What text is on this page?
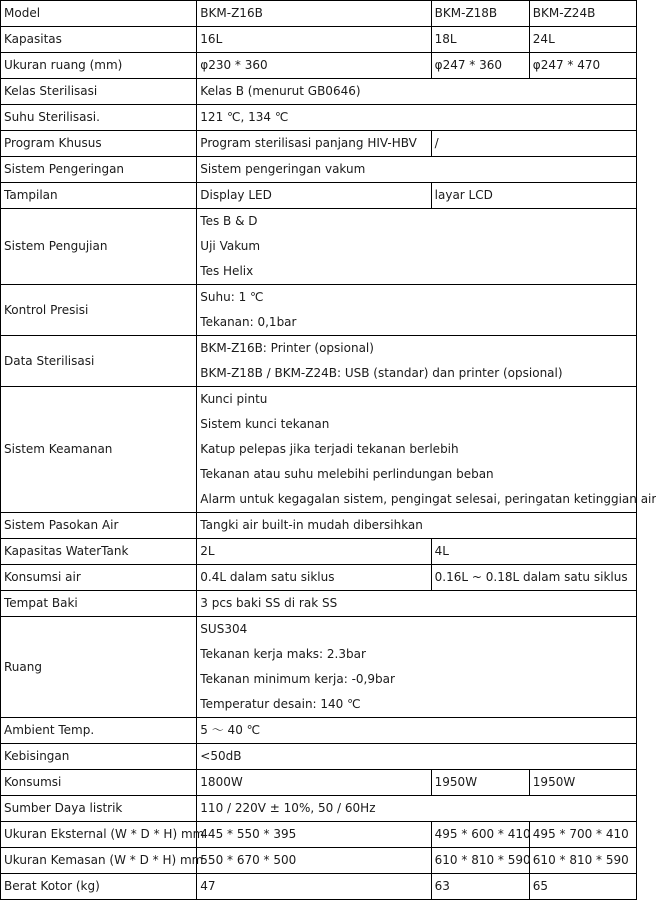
Model	BKM-Z16B	BKM-Z18B	BKM-Z24B
Kapasitas	16L	18L	24L
Ukuran ruang (mm)	φ230 * 360	φ247 * 360	φ247 * 470
Kelas Sterilisasi	Kelas B (menurut GB0646)		
Suhu Sterilisasi.	121 ℃, 134 ℃		
Program Khusus	Program sterilisasi panjang HIV-HBV	/	
Sistem Pengeringan	Sistem pengeringan vakum		
Tampilan	Display LED	layar LCD	
Sistem Pengujian	Tes B & D
Uji Vakum
Tes Helix		

Kontrol Presisi	Suhu: 1 ℃
Tekanan: 0,1bar		

Data Sterilisasi	BKM-Z16B: Printer (opsional)
BKM-Z18B / BKM-Z24B: USB (standar) dan printer (opsional)		

Sistem Keamanan	Kunci pintu
Sistem kunci tekanan
Katup pelepas jika terjadi tekanan berlebih
Tekanan atau suhu melebihi perlindungan beban
Alarm untuk kegagalan sistem, pengingat selesai, peringatan ketinggian air		

Sistem Pasokan Air	Tangki air built-in mudah dibersihkan		
Kapasitas WaterTank	2L	4L	
Konsumsi air	0.4L dalam satu siklus	0.16L ~ 0.18L dalam satu siklus	
Tempat Baki	3 pcs baki SS di rak SS		
Ruang	SUS304
Tekanan kerja maks: 2.3bar
Tekanan minimum kerja: -0,9bar
Temperatur desain: 140 ℃		

Ambient Temp.	5 ～ 40 ℃		
Kebisingan	<50dB		
Konsumsi	1800W	1950W	1950W
Sumber Daya listrik	110 / 220V ± 10%, 50 / 60Hz		
Ukuran Eksternal (W * D * H) mm	445 * 550 * 395	495 * 600 * 410	495 * 700 * 410
Ukuran Kemasan (W * D * H) mm	550 * 670 * 500	610 * 810 * 590	610 * 810 * 590
Berat Kotor (kg)	47	63	65
